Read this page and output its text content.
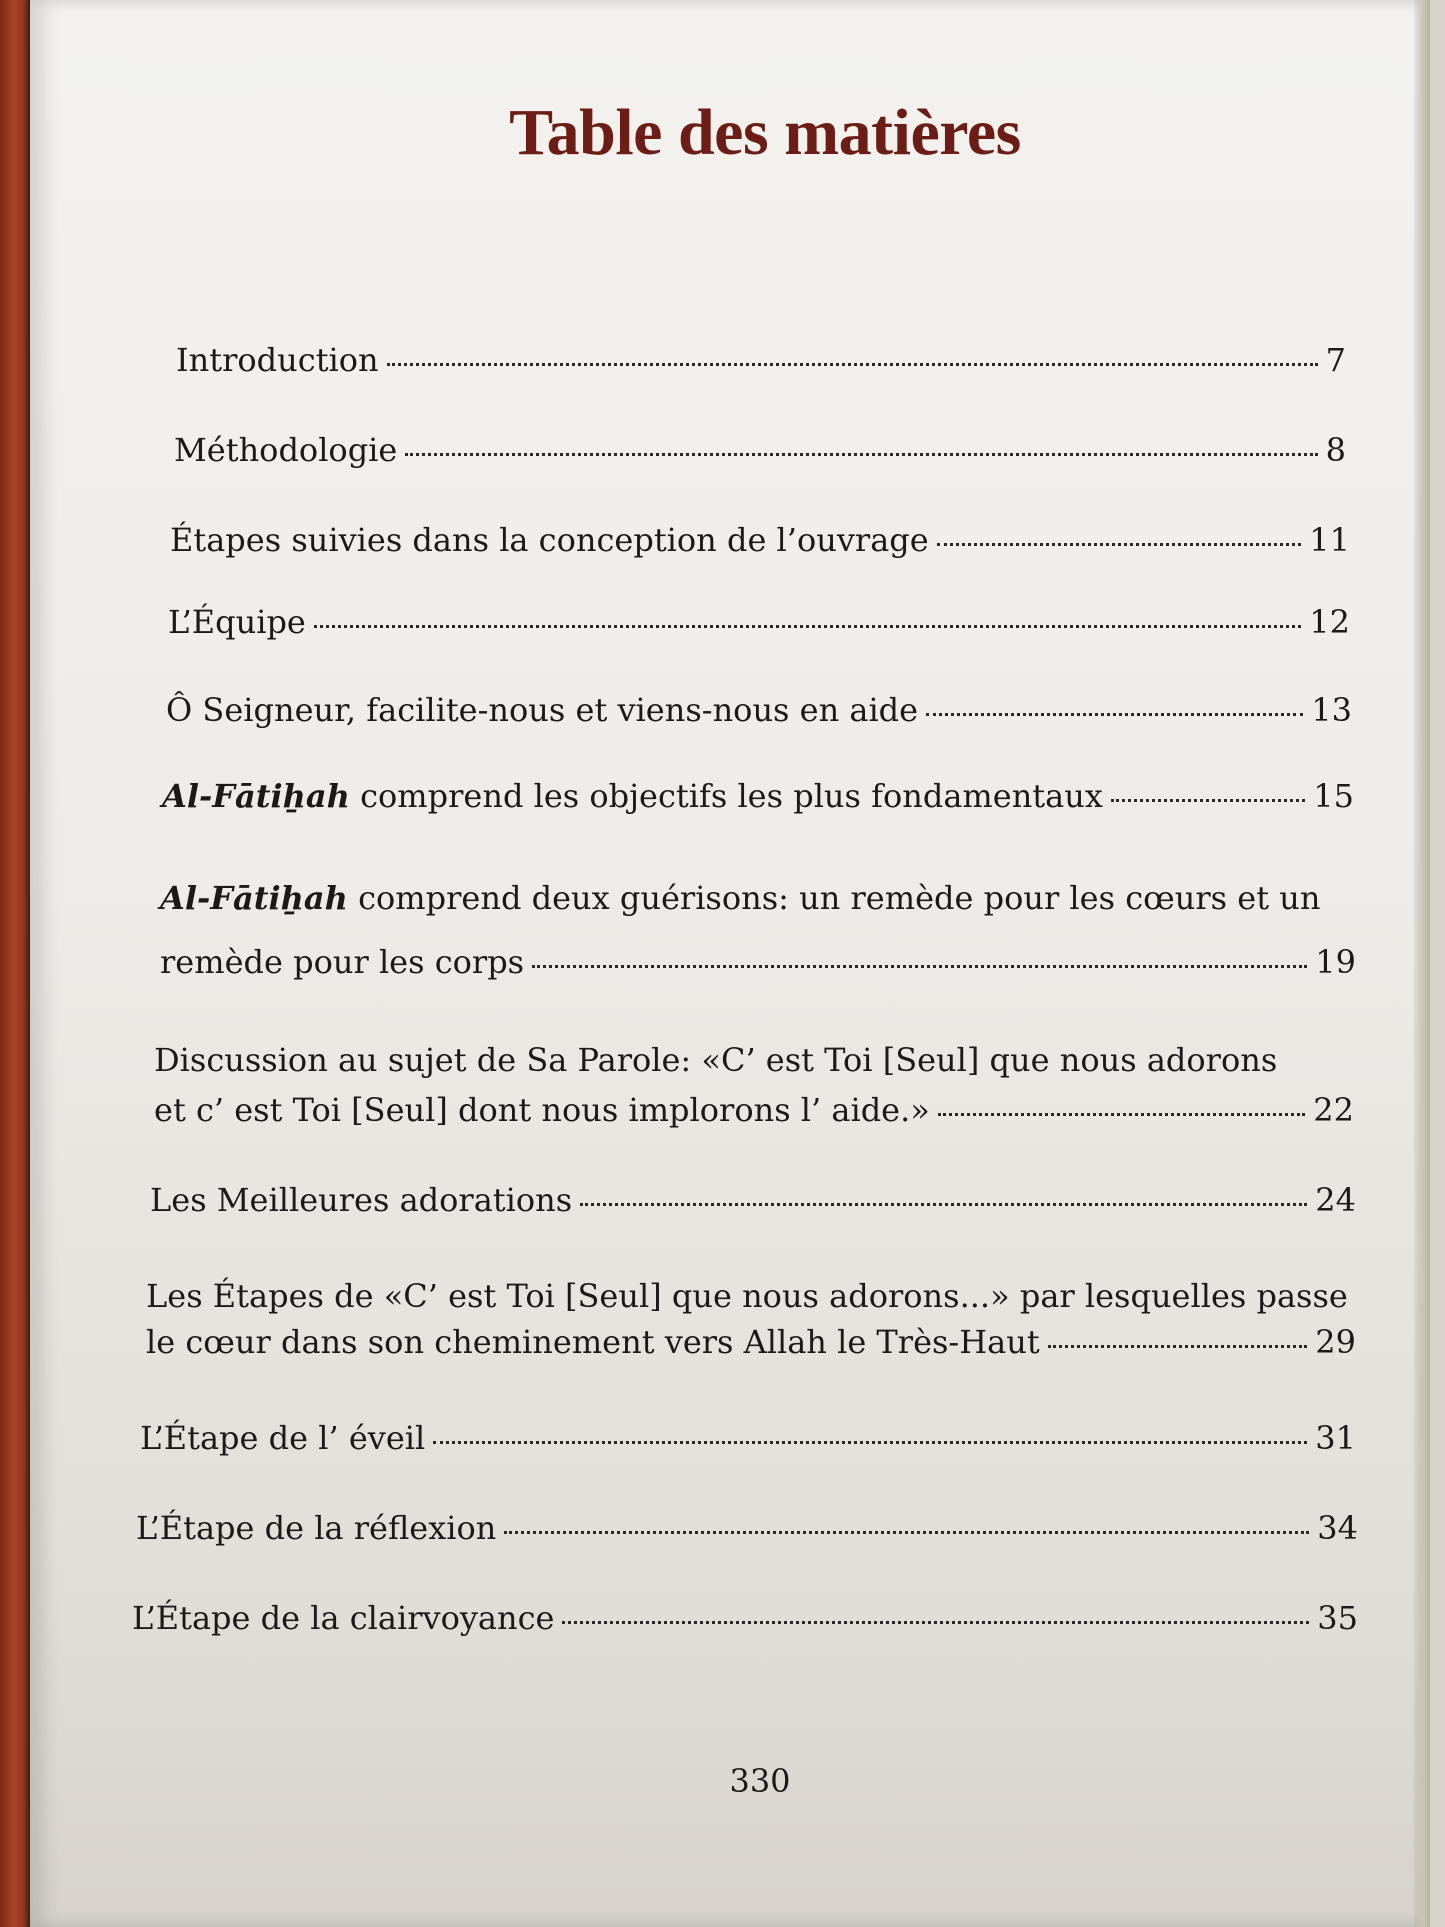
Table des matières
Introduction	7
Méthodologie	8
Étapes suivies dans la conception de l’ouvrage	11
L’Équipe	12
Ô Seigneur, facilite-nous et viens-nous en aide	13
Al-Fātiẖah comprend les objectifs les plus fondamentaux	15
Al-Fātiẖah comprend deux guérisons: un remède pour les cœurs et un
remède pour les corps	19
Discussion au sujet de Sa Parole: «C’ est Toi [Seul] que nous adorons
et c’ est Toi [Seul] dont nous implorons l’ aide.»	22
Les Meilleures adorations	24
Les Étapes de «C’ est Toi [Seul] que nous adorons...» par lesquelles passe
le cœur dans son cheminement vers Allah le Très-Haut	29
L’Étape de l’ éveil	31
L’Étape de la réflexion	34
L’Étape de la clairvoyance	35
330
